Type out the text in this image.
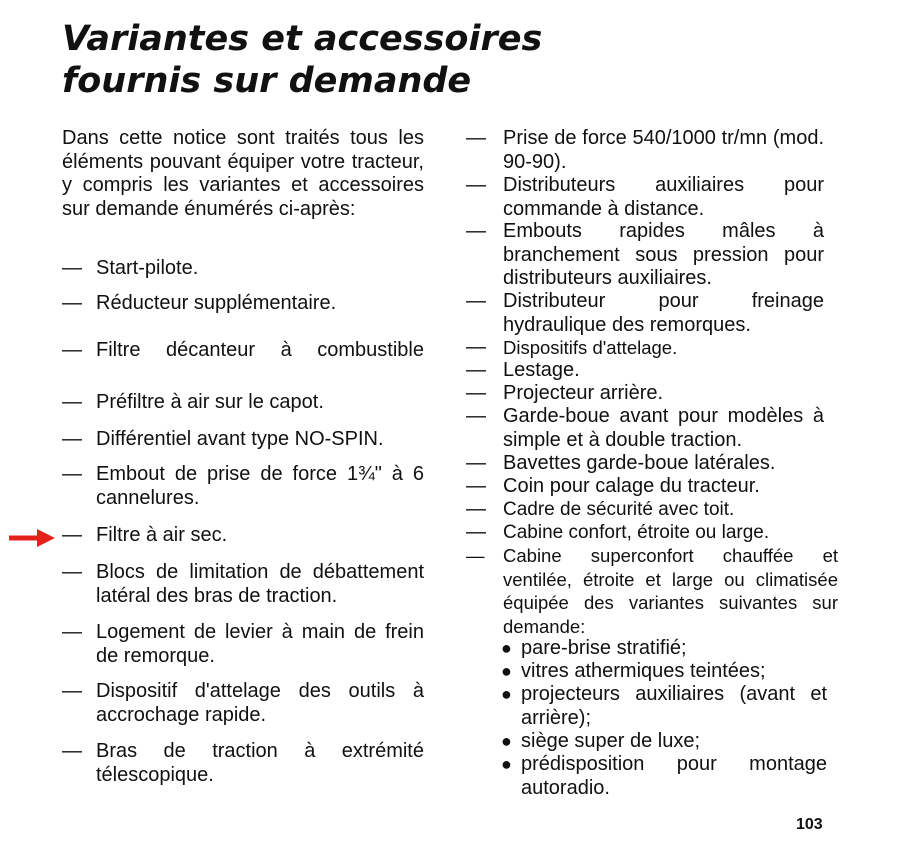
Variantes et accessoires
fournis sur demande

Dans cette notice sont traités tous les éléments pouvant équiper votre tracteur, y compris les variantes et accessoires sur demande énumérés ci-après:

— Start-pilote.
— Réducteur supplémentaire.
— Filtre décanteur à combustible
— Préfiltre à air sur le capot.
— Différentiel avant type NO-SPIN.
— Embout de prise de force 1¾" à 6 cannelures.
— Filtre à air sec.
— Blocs de limitation de débattement latéral des bras de traction.
— Logement de levier à main de frein de remorque.
— Dispositif d'attelage des outils à accrochage rapide.
— Bras de traction à extrémité télescopique.
— Prise de force 540/1000 tr/mn (mod. 90-90).
— Distributeurs auxiliaires pour commande à distance.
— Embouts rapides mâles à branchement sous pression pour distributeurs auxiliaires.
— Distributeur pour freinage hydraulique des remorques.
— Dispositifs d'attelage.
— Lestage.
— Projecteur arrière.
— Garde-boue avant pour modèles à simple et à double traction.
— Bavettes garde-boue latérales.
— Coin pour calage du tracteur.
— Cadre de sécurité avec toit.
— Cabine confort, étroite ou large.
—	Cabine superconfort chauffée et ventilée, étroite et large ou climatisée équipée des variantes suivantes sur demande:
● pare-brise stratifié;
● vitres athermiques teintées;
● projecteurs auxiliaires (avant et arrière);
● siège super de luxe;
● prédisposition pour montage autoradio.
103
